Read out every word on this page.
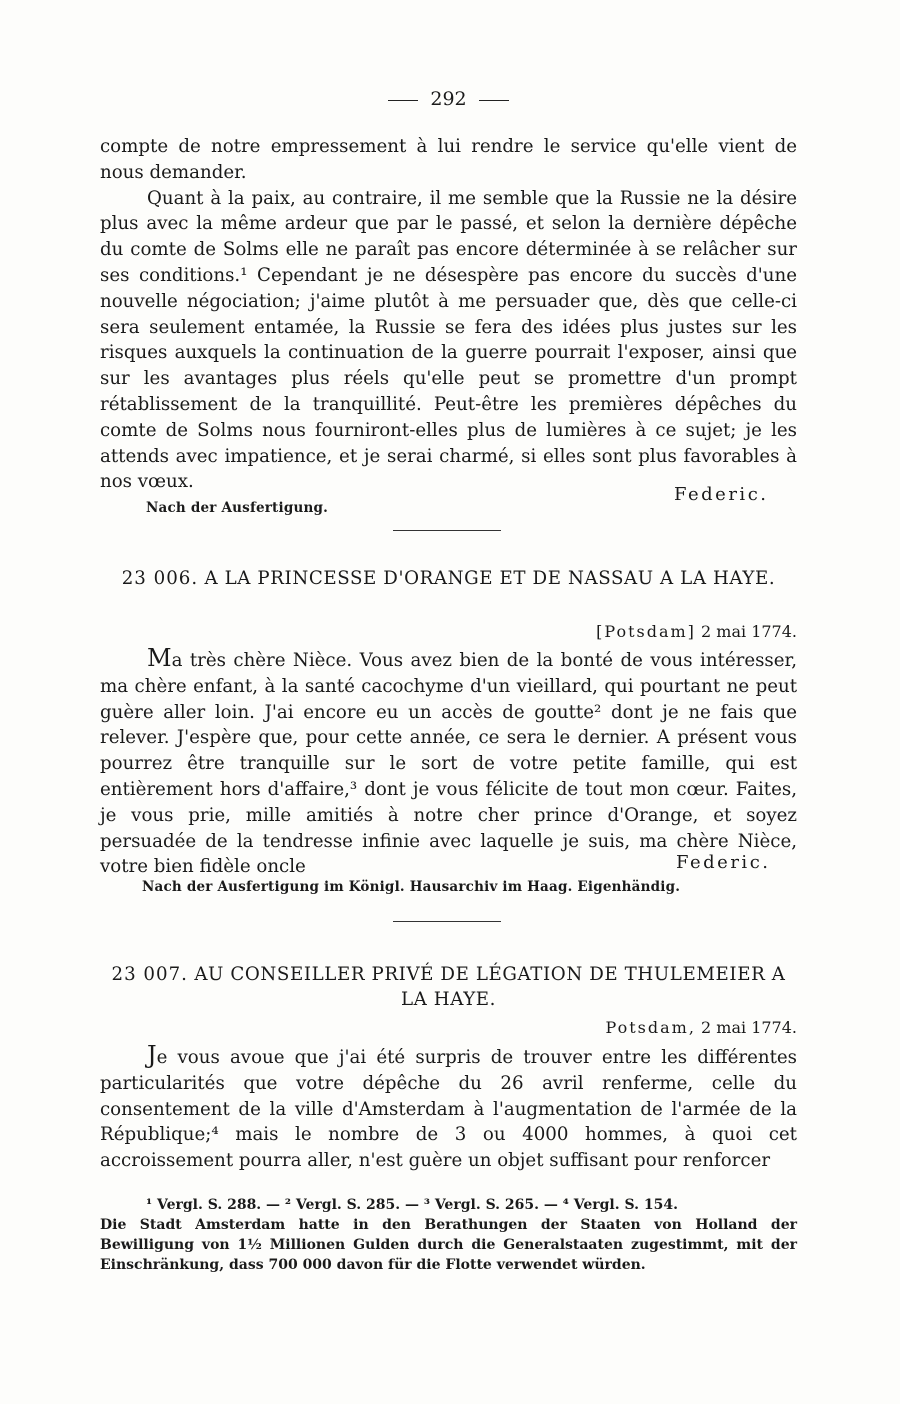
292

compte de notre empressement à lui rendre le service qu'elle vient de nous demander.

Quant à la paix, au contraire, il me semble que la Russie ne la désire plus avec la même ardeur que par le passé, et selon la dernière dépêche du comte de Solms elle ne paraît pas encore déterminée à se relâcher sur ses conditions.¹ Cependant je ne désespère pas encore du succès d'une nouvelle négociation; j'aime plutôt à me persuader que, dès que celle-ci sera seulement entamée, la Russie se fera des idées plus justes sur les risques auxquels la continuation de la guerre pourrait l'exposer, ainsi que sur les avantages plus réels qu'elle peut se promettre d'un prompt rétablissement de la tranquillité. Peut-être les premières dépêches du comte de Solms nous fourniront-elles plus de lumières à ce sujet; je les attends avec impatience, et je serai charmé, si elles sont plus favorables à nos vœux.

Nach der Ausfertigung.
Federic.
23 006. A LA PRINCESSE D'ORANGE ET DE NASSAU A LA HAYE.
[Potsdam] 2 mai 1774.

Ma très chère Nièce. Vous avez bien de la bonté de vous intéresser, ma chère enfant, à la santé cacochyme d'un vieillard, qui pourtant ne peut guère aller loin. J'ai encore eu un accès de goutte² dont je ne fais que relever. J'espère que, pour cette année, ce sera le dernier. A présent vous pourrez être tranquille sur le sort de votre petite famille, qui est entièrement hors d'affaire,³ dont je vous félicite de tout mon cœur. Faites, je vous prie, mille amitiés à notre cher prince d'Orange, et soyez persuadée de la tendresse infinie avec laquelle je suis, ma chère Nièce, votre bien fidèle oncle	Federic.
Nach der Ausfertigung im Königl. Hausarchiv im Haag. Eigenhändig.
23 007. AU CONSEILLER PRIVÉ DE LÉGATION DE THULEMEIER A LA HAYE.
Potsdam, 2 mai 1774.

Je vous avoue que j'ai été surpris de trouver entre les différentes particularités que votre dépêche du 26 avril renferme, celle du consentement de la ville d'Amsterdam à l'augmentation de l'armée de la République;⁴ mais le nombre de 3 ou 4000 hommes, à quoi cet accroissement pourra aller, n'est guère un objet suffisant pour renforcer

¹ Vergl. S. 288. — ² Vergl. S. 285. — ³ Vergl. S. 265. — ⁴ Vergl. S. 154.

Die Stadt Amsterdam hatte in den Berathungen der Staaten von Holland der Bewilligung von 1½ Millionen Gulden durch die Generalstaaten zugestimmt, mit der Einschränkung, dass 700 000 davon für die Flotte verwendet würden.
